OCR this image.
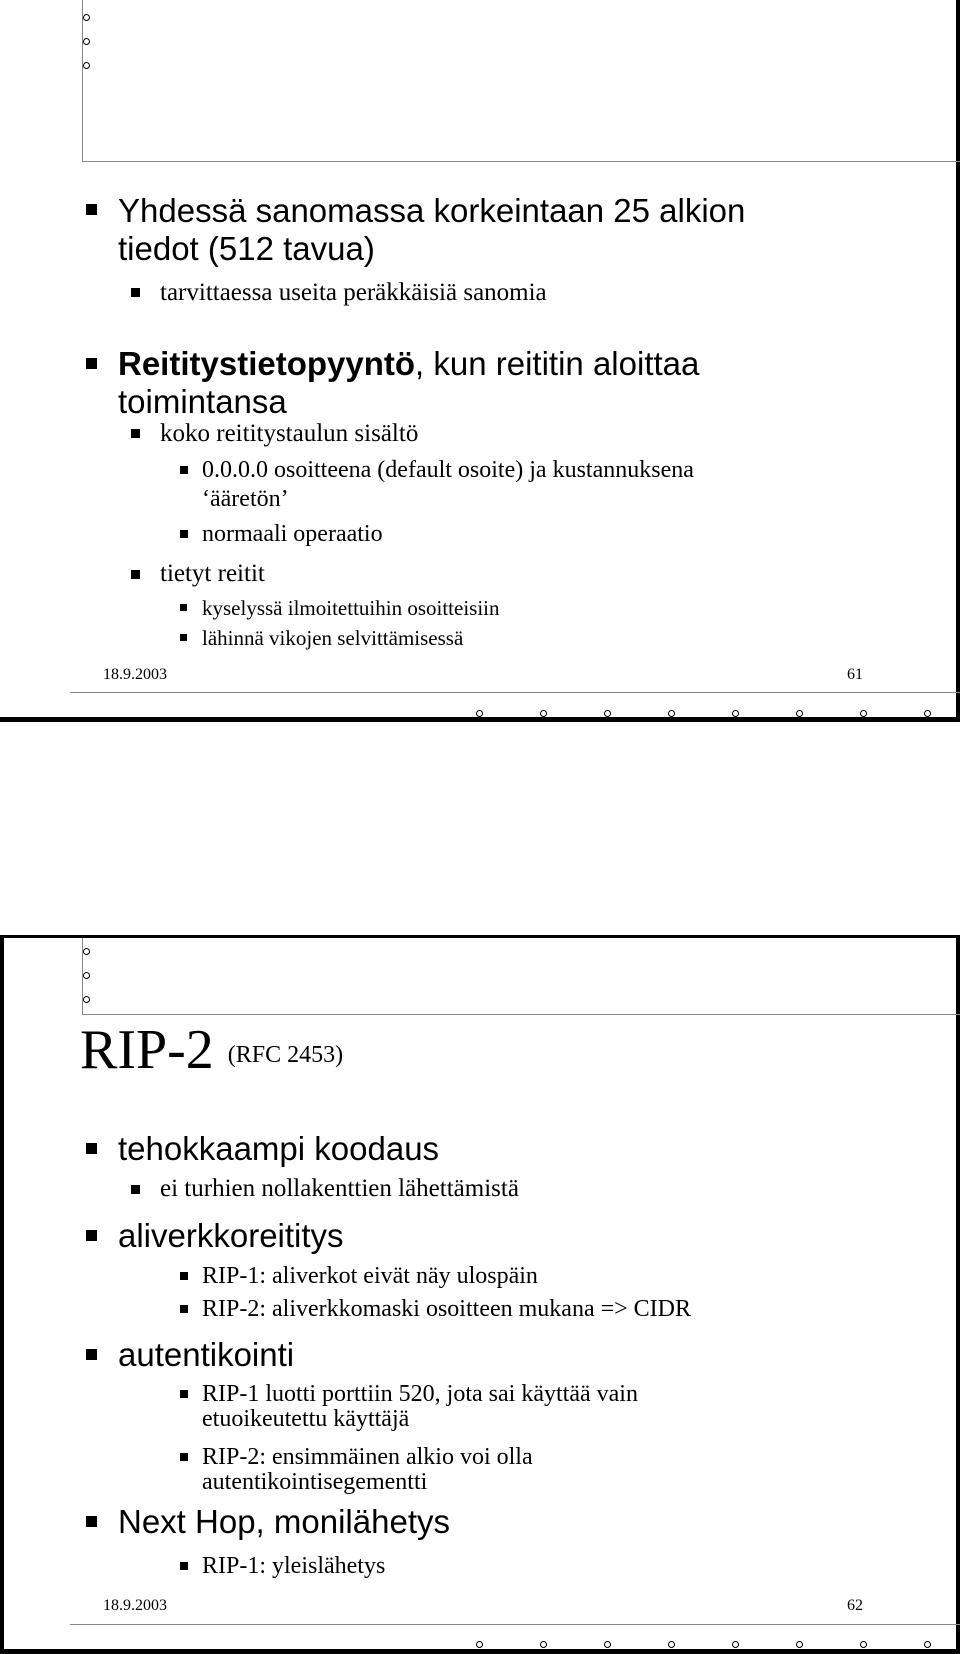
Yhdessä sanomassa korkeintaan 25 alkion
tiedot (512 tavua)
tarvittaessa useita peräkkäisiä sanomia
Reititystietopyyntö, kun reititin aloittaa
toimintansa
koko reititystaulun sisältö
0.0.0.0 osoitteena (default osoite) ja kustannuksena
‘ääretön’
normaali operaatio
tietyt reitit
kyselyssä ilmoitettuihin osoitteisiin
lähinnä vikojen selvittämisessä
18.9.2003	61
RIP-2 (RFC 2453)
tehokkaampi koodaus
ei turhien nollakenttien lähettämistä
aliverkkoreititys
RIP-1: aliverkot eivät näy ulospäin
RIP-2: aliverkkomaski osoitteen mukana => CIDR
autentikointi
RIP-1 luotti porttiin 520, jota sai käyttää vain
etuoikeutettu käyttäjä
RIP-2: ensimmäinen alkio voi olla
autentikointisegementti
Next Hop, monilähetys
RIP-1: yleislähetys
18.9.2003	62
